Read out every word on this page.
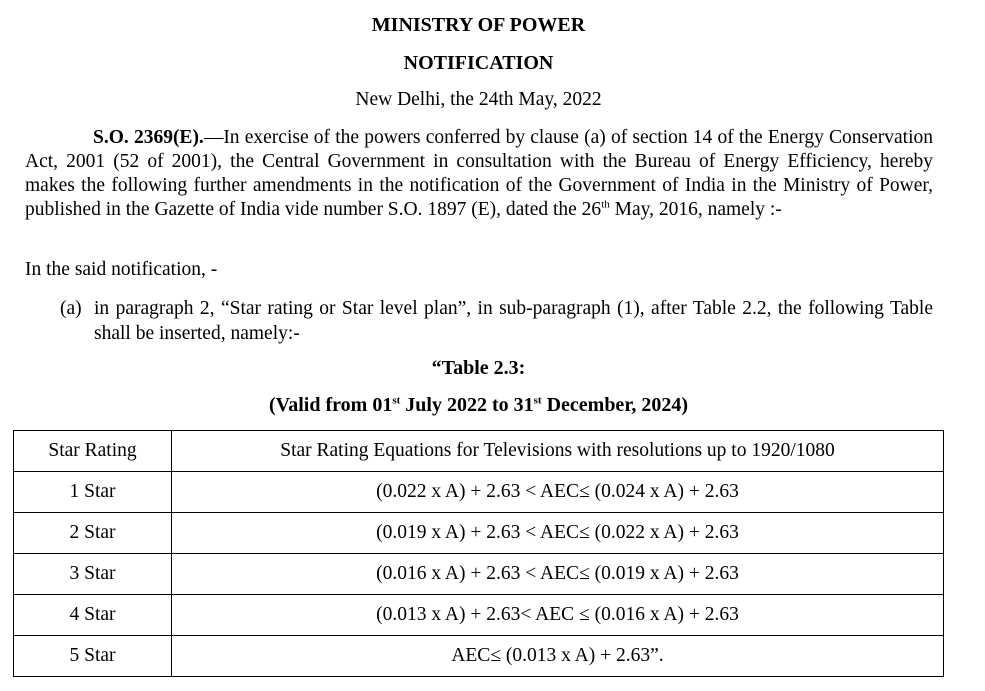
MINISTRY OF POWER

NOTIFICATION

New Delhi, the 24th May, 2022

S.O. 2369(E).—In exercise of the powers conferred by clause (a) of section 14 of the Energy Conservation Act, 2001 (52 of 2001), the Central Government in consultation with the Bureau of Energy Efficiency, hereby makes the following further amendments in the notification of the Government of India in the Ministry of Power, published in the Gazette of India vide number S.O. 1897 (E), dated the 26th May, 2016, namely :-

In the said notification, -

(a) in paragraph 2, “Star rating or Star level plan”, in sub-paragraph (1), after Table 2.2, the following Table shall be inserted, namely:-

“Table 2.3:

(Valid from 01st July 2022 to 31st December, 2024)

Star Rating	Star Rating Equations for Televisions with resolutions up to 1920/1080
1 Star	(0.022 x A) + 2.63 < AEC≤ (0.024 x A) + 2.63
2 Star	(0.019 x A) + 2.63 < AEC≤ (0.022 x A) + 2.63
3 Star	(0.016 x A) + 2.63 < AEC≤ (0.019 x A) + 2.63
4 Star	(0.013 x A) + 2.63< AEC ≤ (0.016 x A) + 2.63
5 Star	AEC≤ (0.013 x A) + 2.63”.
